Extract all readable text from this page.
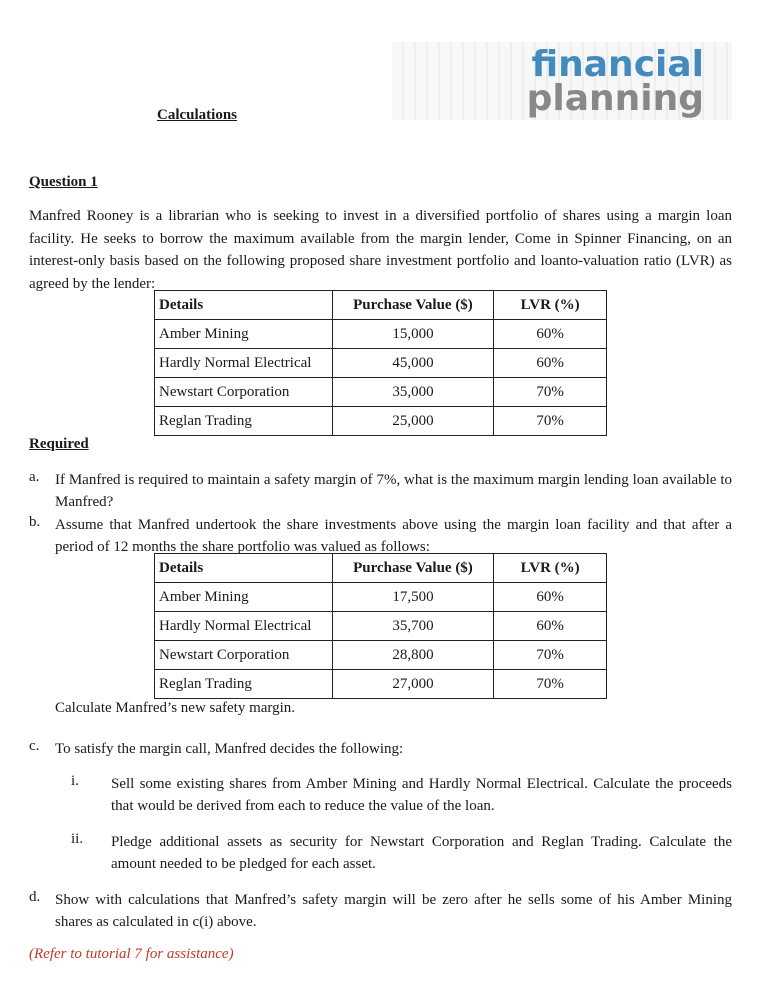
financial
planning
Calculations
Question 1
Manfred Rooney is a librarian who is seeking to invest in a diversified portfolio of shares using a margin loan facility. He seeks to borrow the maximum available from the margin lender, Come in Spinner Financing, on an interest-only basis based on the following proposed share investment portfolio and loanto-valuation ratio (LVR) as agreed by the lender:
Details	Purchase Value ($)	LVR (%)
Amber Mining	15,000	60%
Hardly Normal Electrical	45,000	60%
Newstart Corporation	35,000	70%
Reglan Trading	25,000	70%
Required
a. If Manfred is required to maintain a safety margin of 7%, what is the maximum margin lending loan available to Manfred?
b. Assume that Manfred undertook the share investments above using the margin loan facility and that after a period of 12 months the share portfolio was valued as follows:
Details	Purchase Value ($)	LVR (%)
Amber Mining	17,500	60%
Hardly Normal Electrical	35,700	60%
Newstart Corporation	28,800	70%
Reglan Trading	27,000	70%
Calculate Manfred’s new safety margin.
c. To satisfy the margin call, Manfred decides the following:
i. Sell some existing shares from Amber Mining and Hardly Normal Electrical. Calculate the proceeds that would be derived from each to reduce the value of the loan.
ii. Pledge additional assets as security for Newstart Corporation and Reglan Trading. Calculate the amount needed to be pledged for each asset.
d. Show with calculations that Manfred’s safety margin will be zero after he sells some of his Amber Mining shares as calculated in c(i) above.
(Refer to tutorial 7 for assistance)
